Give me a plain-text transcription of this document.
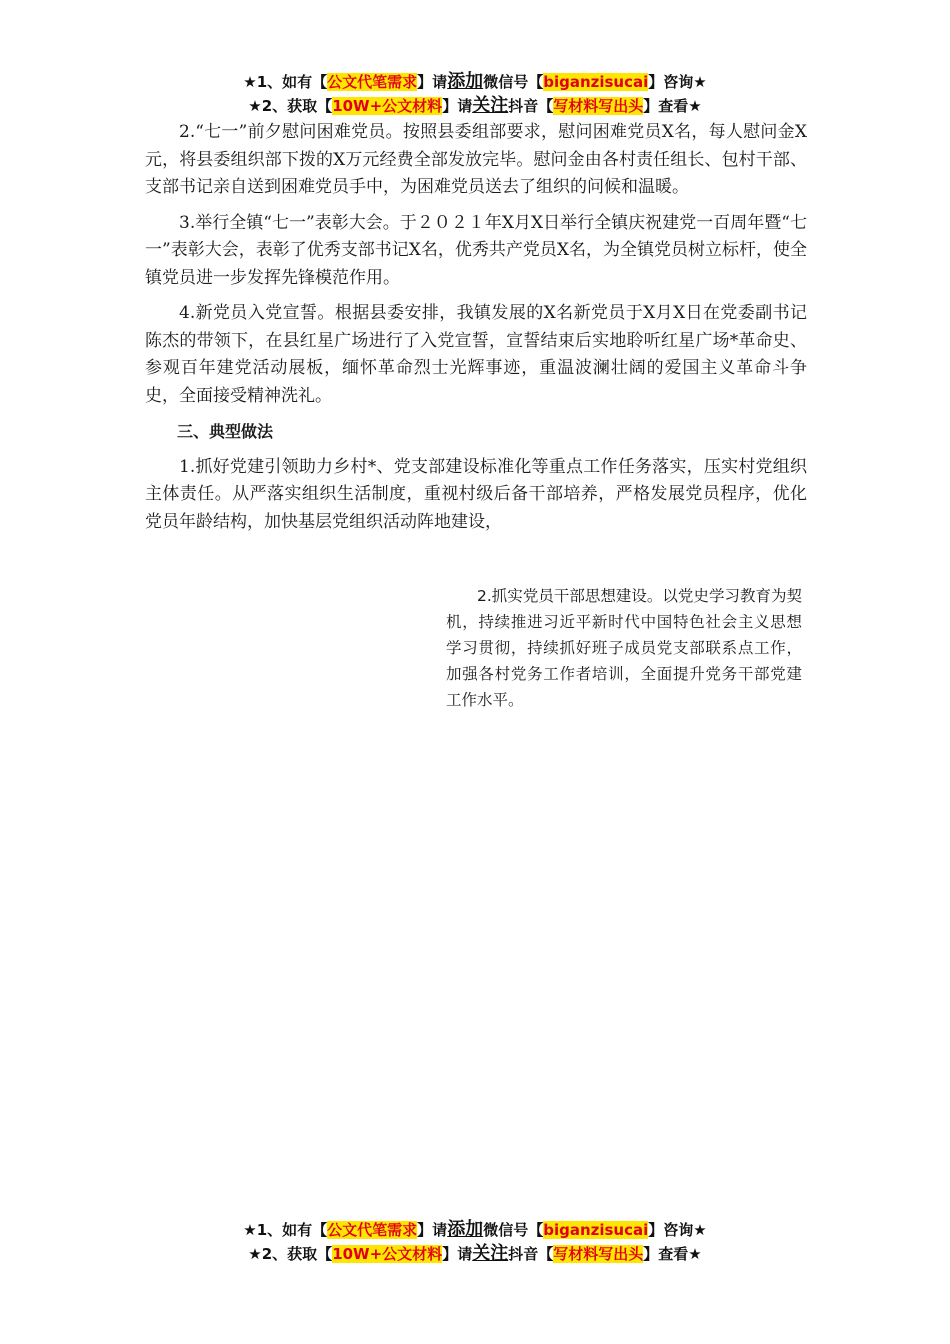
★1、如有【公文代笔需求】请添加微信号【biganzisucai】咨询★
★2、获取【10W+公文材料】请关注抖音【写材料写出头】查看★

2.“七一”前夕慰问困难党员。按照县委组部要求，慰问困难党员X名，每人慰问金X元，将县委组织部下拨的X万元经费全部发放完毕。慰问金由各村责任组长、包村干部、支部书记亲自送到困难党员手中，为困难党员送去了组织的问候和温暖。

3.举行全镇“七一”表彰大会。于２０２１年X月X日举行全镇庆祝建党一百周年暨“七一”表彰大会，表彰了优秀支部书记X名，优秀共产党员X名，为全镇党员树立标杆，使全镇党员进一步发挥先锋模范作用。

4.新党员入党宣誓。根据县委安排，我镇发展的X名新党员于X月X日在党委副书记陈杰的带领下，在县红星广场进行了入党宣誓，宣誓结束后实地聆听红星广场*革命史、参观百年建党活动展板，缅怀革命烈士光辉事迹，重温波澜壮阔的爱国主义革命斗争史，全面接受精神洗礼。

三、典型做法

1.抓好党建引领助力乡村*、党支部建设标准化等重点工作任务落实，压实村党组织主体责任。从严落实组织生活制度，重视村级后备干部培养，严格发展党员程序，优化党员年龄结构，加快基层党组织活动阵地建设，

2.抓实党员干部思想建设。以党史学习教育为契机，持续推进习近平新时代中国特色社会主义思想学习贯彻，持续抓好班子成员党支部联系点工作，加强各村党务工作者培训，全面提升党务干部党建工作水平。
★1、如有【公文代笔需求】请添加微信号【biganzisucai】咨询★
★2、获取【10W+公文材料】请关注抖音【写材料写出头】查看★
